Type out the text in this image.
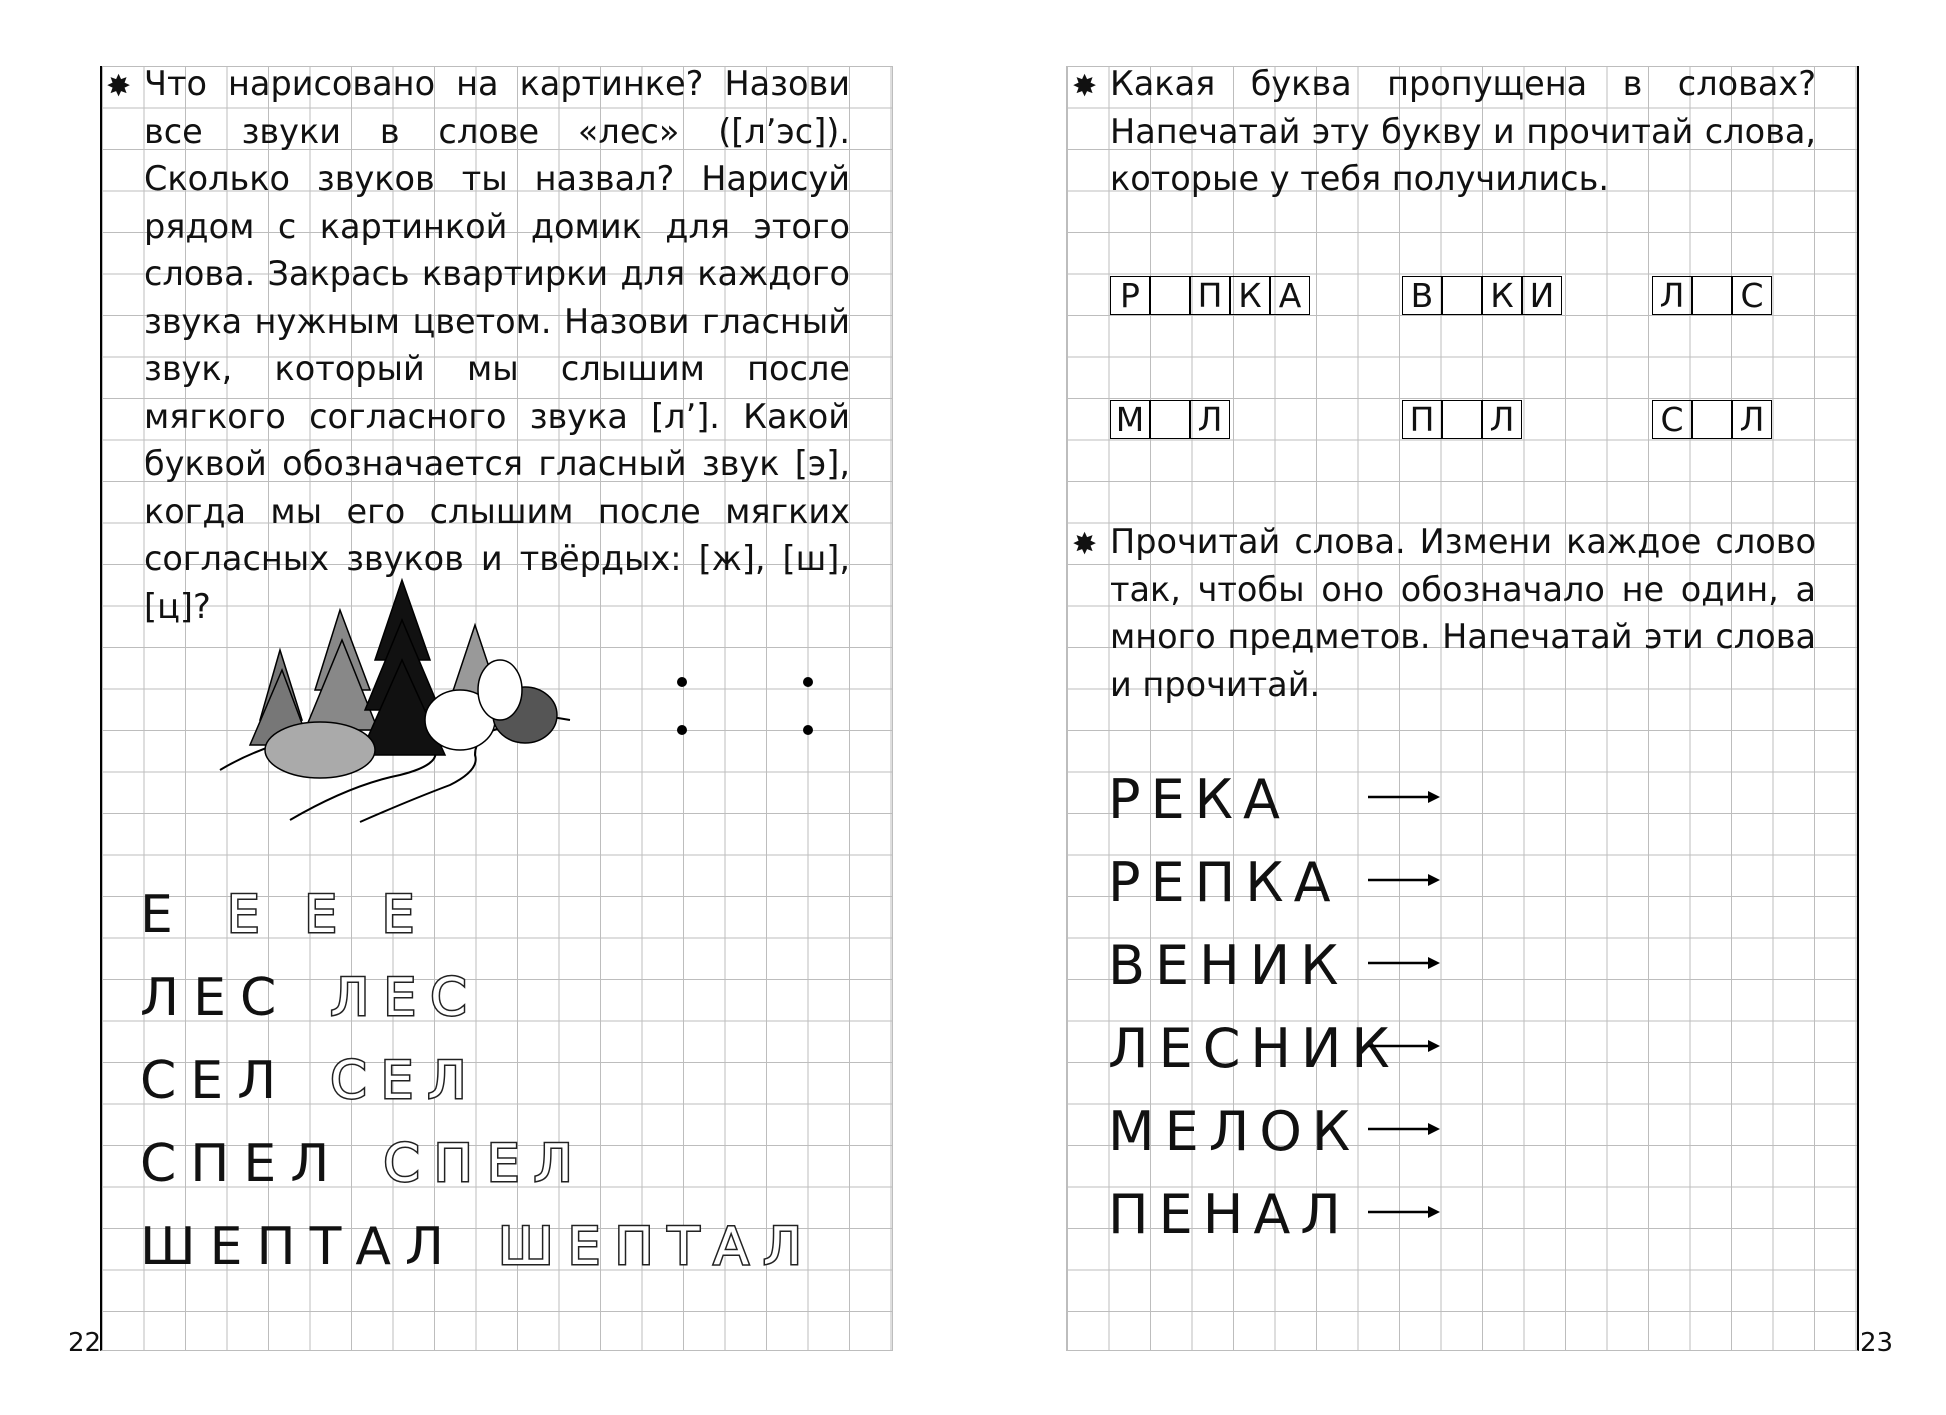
22	23
✸ Что нарисовано на картинке? Назови все звуки в слове «лес» ([л’эс]). Сколько звуков ты назвал? Нарисуй рядом с картинкой домик для этого слова. Закрась квартирки для каждого звука нужным цветом. Назови гласный звук, который мы слышим после мягкого согласного звука [л’]. Какой буквой обозначается гласный звук [э], когда мы его слышим после мягких согласных звуков и твёрдых: [ж], [ш], [ц]?

Е Е Е Е
ЛЕС ЛЕС
СЕЛ СЕЛ
СПЕЛ СПЕЛ
ШЕПТАЛ ШЕПТАЛ
✸ Какая буква пропущена в словах? Напечатай эту букву и прочитай слова, которые у тебя получились.

Р	П К А	В К И	Л С
М Л	П Л	С Л
✸ Прочитай слова. Измени каждое слово так, чтобы оно обозначало не один, а много предметов. Напечатай эти слова и прочитай.

РЕКА
РЕПКА
ВЕНИК
ЛЕСНИК
МЕЛОК
ПЕНАЛ
